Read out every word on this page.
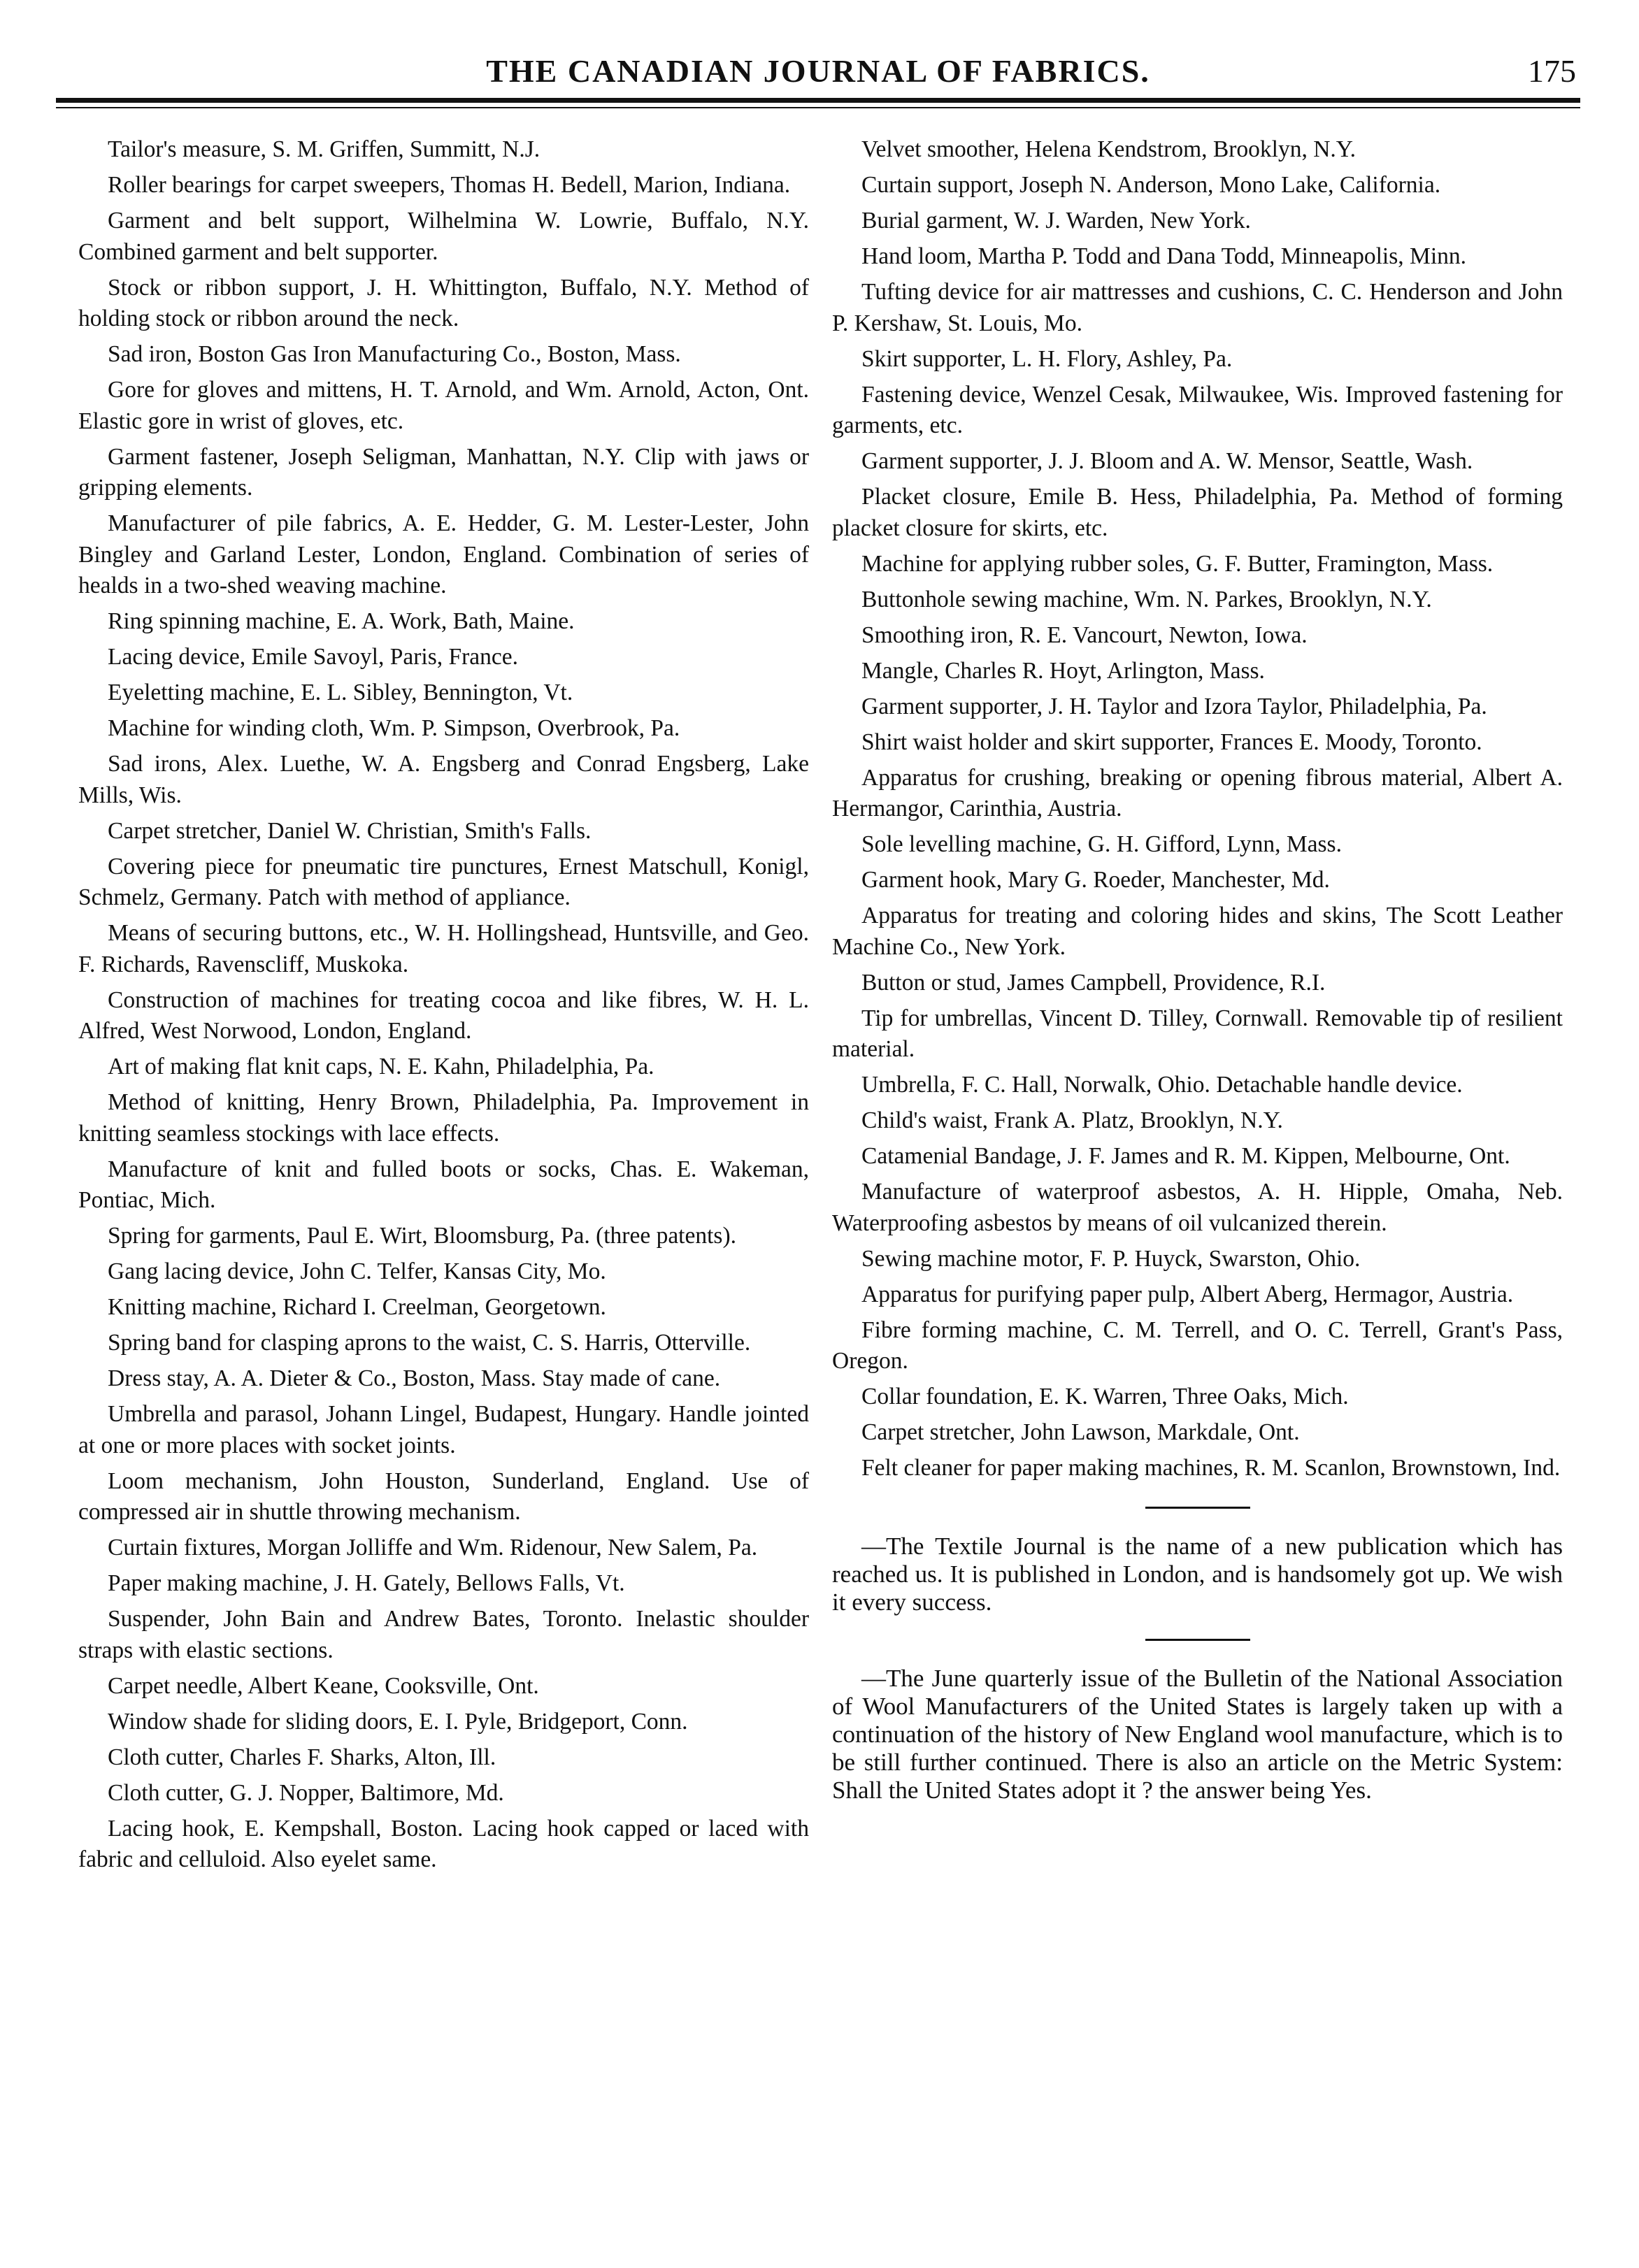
THE CANADIAN JOURNAL OF FABRICS.	175

Tailor's measure, S. M. Griffen, Summitt, N.J.

Roller bearings for carpet sweepers, Thomas H. Bedell, Marion, Indiana.

Garment and belt support, Wilhelmina W. Lowrie, Buffalo, N.Y. Combined garment and belt supporter.

Stock or ribbon support, J. H. Whittington, Buffalo, N.Y. Method of holding stock or ribbon around the neck.

Sad iron, Boston Gas Iron Manufacturing Co., Boston, Mass.

Gore for gloves and mittens, H. T. Arnold, and Wm. Arnold, Acton, Ont. Elastic gore in wrist of gloves, etc.

Garment fastener, Joseph Seligman, Manhattan, N.Y. Clip with jaws or gripping elements.

Manufacturer of pile fabrics, A. E. Hedder, G. M. Lester-Lester, John Bingley and Garland Lester, London, England. Combination of series of healds in a two-shed weaving machine.

Ring spinning machine, E. A. Work, Bath, Maine.

Lacing device, Emile Savoyl, Paris, France.

Eyeletting machine, E. L. Sibley, Bennington, Vt.

Machine for winding cloth, Wm. P. Simpson, Overbrook, Pa.

Sad irons, Alex. Luethe, W. A. Engsberg and Conrad Engsberg, Lake Mills, Wis.

Carpet stretcher, Daniel W. Christian, Smith's Falls.

Covering piece for pneumatic tire punctures, Ernest Matschull, Konigl, Schmelz, Germany. Patch with method of appliance.

Means of securing buttons, etc., W. H. Hollingshead, Huntsville, and Geo. F. Richards, Ravenscliff, Muskoka.

Construction of machines for treating cocoa and like fibres, W. H. L. Alfred, West Norwood, London, England.

Art of making flat knit caps, N. E. Kahn, Philadelphia, Pa.

Method of knitting, Henry Brown, Philadelphia, Pa. Improvement in knitting seamless stockings with lace effects.

Manufacture of knit and fulled boots or socks, Chas. E. Wakeman, Pontiac, Mich.

Spring for garments, Paul E. Wirt, Bloomsburg, Pa. (three patents).

Gang lacing device, John C. Telfer, Kansas City, Mo.

Knitting machine, Richard I. Creelman, Georgetown.

Spring band for clasping aprons to the waist, C. S. Harris, Otterville.

Dress stay, A. A. Dieter & Co., Boston, Mass. Stay made of cane.

Umbrella and parasol, Johann Lingel, Budapest, Hungary. Handle jointed at one or more places with socket joints.

Loom mechanism, John Houston, Sunderland, England. Use of compressed air in shuttle throwing mechanism.

Curtain fixtures, Morgan Jolliffe and Wm. Ridenour, New Salem, Pa.

Paper making machine, J. H. Gately, Bellows Falls, Vt.

Suspender, John Bain and Andrew Bates, Toronto. Inelastic shoulder straps with elastic sections.

Carpet needle, Albert Keane, Cooksville, Ont.

Window shade for sliding doors, E. I. Pyle, Bridgeport, Conn.

Cloth cutter, Charles F. Sharks, Alton, Ill.

Cloth cutter, G. J. Nopper, Baltimore, Md.

Lacing hook, E. Kempshall, Boston. Lacing hook capped or laced with fabric and celluloid. Also eyelet same.

Velvet smoother, Helena Kendstrom, Brooklyn, N.Y.

Curtain support, Joseph N. Anderson, Mono Lake, California.

Burial garment, W. J. Warden, New York.

Hand loom, Martha P. Todd and Dana Todd, Minneapolis, Minn.

Tufting device for air mattresses and cushions, C. C. Henderson and John P. Kershaw, St. Louis, Mo.

Skirt supporter, L. H. Flory, Ashley, Pa.

Fastening device, Wenzel Cesak, Milwaukee, Wis. Improved fastening for garments, etc.

Garment supporter, J. J. Bloom and A. W. Mensor, Seattle, Wash.

Placket closure, Emile B. Hess, Philadelphia, Pa. Method of forming placket closure for skirts, etc.

Machine for applying rubber soles, G. F. Butter, Framington, Mass.

Buttonhole sewing machine, Wm. N. Parkes, Brooklyn, N.Y.

Smoothing iron, R. E. Vancourt, Newton, Iowa.

Mangle, Charles R. Hoyt, Arlington, Mass.

Garment supporter, J. H. Taylor and Izora Taylor, Philadelphia, Pa.

Shirt waist holder and skirt supporter, Frances E. Moody, Toronto.

Apparatus for crushing, breaking or opening fibrous material, Albert A. Hermangor, Carinthia, Austria.

Sole levelling machine, G. H. Gifford, Lynn, Mass.

Garment hook, Mary G. Roeder, Manchester, Md.

Apparatus for treating and coloring hides and skins, The Scott Leather Machine Co., New York.

Button or stud, James Campbell, Providence, R.I.

Tip for umbrellas, Vincent D. Tilley, Cornwall. Removable tip of resilient material.

Umbrella, F. C. Hall, Norwalk, Ohio. Detachable handle device.

Child's waist, Frank A. Platz, Brooklyn, N.Y.

Catamenial Bandage, J. F. James and R. M. Kippen, Melbourne, Ont.

Manufacture of waterproof asbestos, A. H. Hipple, Omaha, Neb. Waterproofing asbestos by means of oil vulcanized therein.

Sewing machine motor, F. P. Huyck, Swarston, Ohio.

Apparatus for purifying paper pulp, Albert Aberg, Hermagor, Austria.

Fibre forming machine, C. M. Terrell, and O. C. Terrell, Grant's Pass, Oregon.

Collar foundation, E. K. Warren, Three Oaks, Mich.

Carpet stretcher, John Lawson, Markdale, Ont.

Felt cleaner for paper making machines, R. M. Scanlon, Brownstown, Ind.

—The Textile Journal is the name of a new publication which has reached us. It is published in London, and is handsomely got up. We wish it every success.

—The June quarterly issue of the Bulletin of the National Association of Wool Manufacturers of the United States is largely taken up with a continuation of the history of New England wool manufacture, which is to be still further continued. There is also an article on the Metric System: Shall the United States adopt it ? the answer being Yes.
